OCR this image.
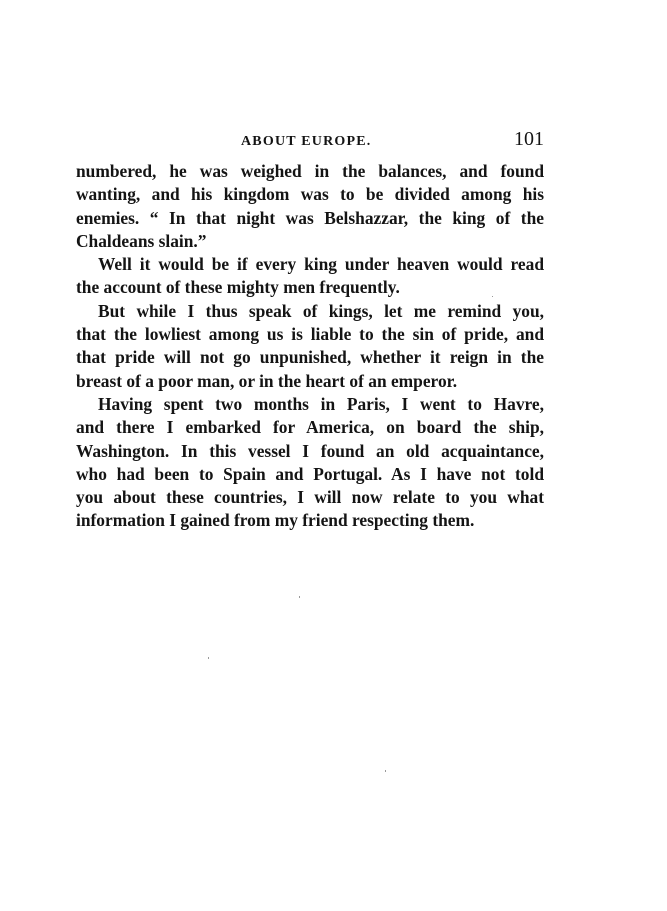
ABOUT EUROPE.	101

numbered, he was weighed in the balances, and found
wanting, and his kingdom was to be divided among his
enemies. “ In that night was Belshazzar, the king of the
Chaldeans slain.”

Well it would be if every king under heaven would read
the account of these mighty men frequently.

But while I thus speak of kings, let me remind you,
that the lowliest among us is liable to the sin of pride, and
that pride will not go unpunished, whether it reign in the
breast of a poor man, or in the heart of an emperor.

Having spent two months in Paris, I went to Havre,
and there I embarked for America, on board the ship,
Washington. In this vessel I found an old acquaintance,
who had been to Spain and Portugal. As I have not told
you about these countries, I will now relate to you what
information I gained from my friend respecting them.
